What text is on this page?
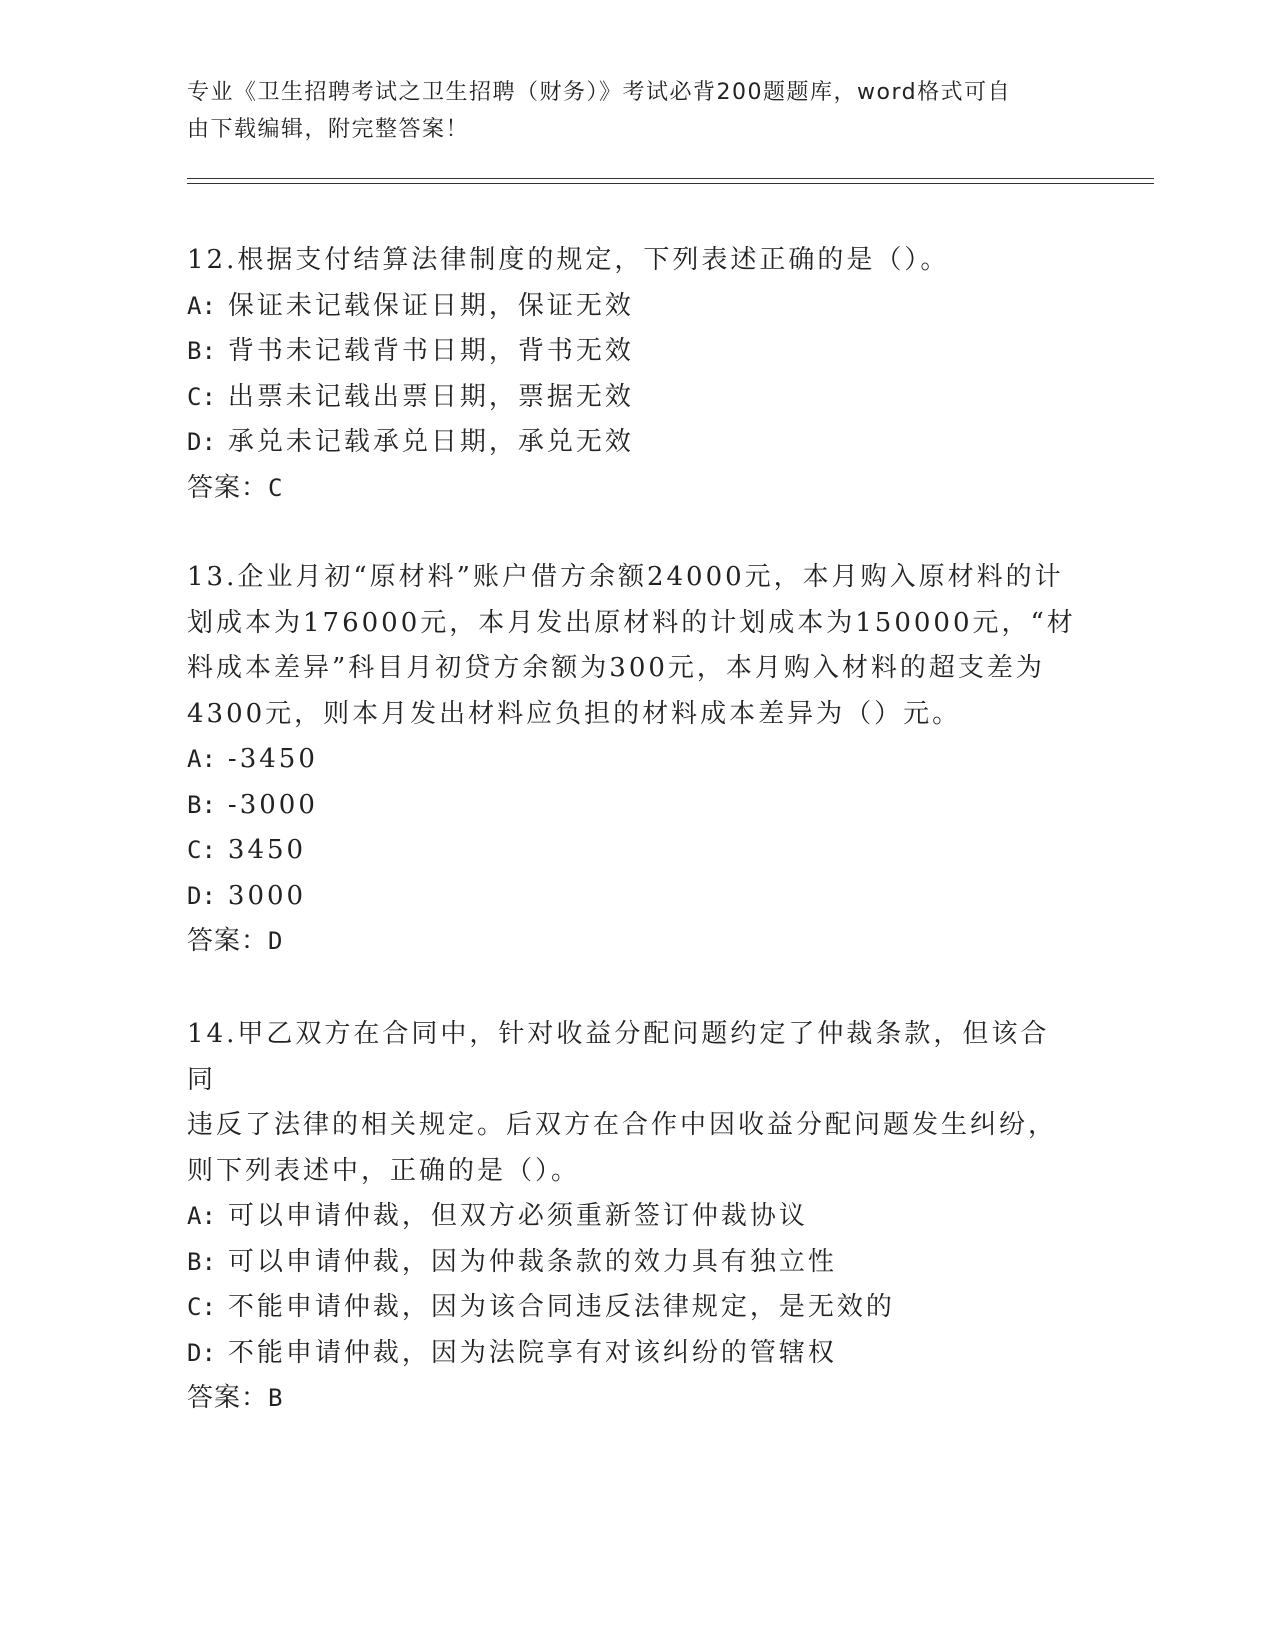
专业《卫生招聘考试之卫生招聘（财务）》考试必背200题题库，word格式可自
由下载编辑，附完整答案！

12.根据支付结算法律制度的规定，下列表述正确的是（）。

A: 保证未记载保证日期，保证无效
B: 背书未记载背书日期，背书无效
C: 出票未记载出票日期，票据无效
D: 承兑未记载承兑日期，承兑无效
答案：C
13.企业月初“原材料”账户借方余额24000元，本月购入原材料的计
划成本为176000元，本月发出原材料的计划成本为150000元，“材
料成本差异”科目月初贷方余额为300元，本月购入材料的超支差为
4300元，则本月发出材料应负担的材料成本差异为（）元。
A: -3450
B: -3000
C: 3450
D: 3000
答案：D
14.甲乙双方在合同中，针对收益分配问题约定了仲裁条款，但该合同
违反了法律的相关规定。后双方在合作中因收益分配问题发生纠纷，
则下列表述中，正确的是（）。
A: 可以申请仲裁，但双方必须重新签订仲裁协议
B: 可以申请仲裁，因为仲裁条款的效力具有独立性
C: 不能申请仲裁，因为该合同违反法律规定，是无效的
D: 不能申请仲裁，因为法院享有对该纠纷的管辖权
答案：B
